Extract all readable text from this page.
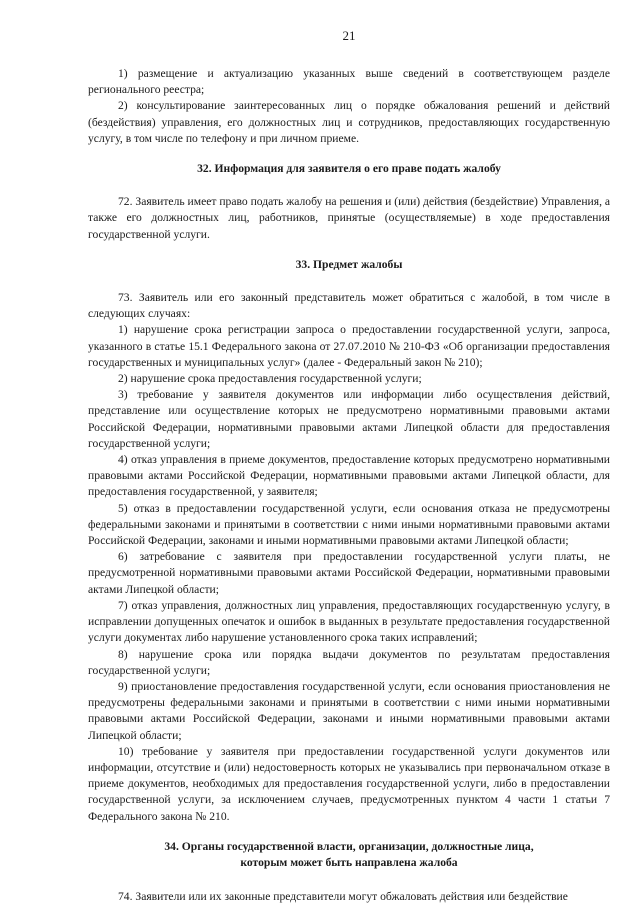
21

1) размещение и актуализацию указанных выше сведений в соответствующем разделе регионального реестра;

2) консультирование заинтересованных лиц о порядке обжалования решений и действий (бездействия) управления, его должностных лиц и сотрудников, предоставляющих государственную услугу, в том числе по телефону и при личном приеме.

32. Информация для заявителя о его праве подать жалобу

72. Заявитель имеет право подать жалобу на решения и (или) действия (бездействие) Управления, а также его должностных лиц, работников, принятые (осуществляемые) в ходе предоставления государственной услуги.

33. Предмет жалобы

73. Заявитель или его законный представитель может обратиться с жалобой, в том числе в следующих случаях:

1) нарушение срока регистрации запроса о предоставлении государственной услуги, запроса, указанного в статье 15.1 Федерального закона от 27.07.2010 № 210-ФЗ «Об организации предоставления государственных и муниципальных услуг» (далее - Федеральный закон № 210);

2) нарушение срока предоставления государственной услуги;

3) требование у заявителя документов или информации либо осуществления действий, представление или осуществление которых не предусмотрено нормативными правовыми актами Российской Федерации, нормативными правовыми актами Липецкой области для предоставления государственной услуги;

4) отказ управления в приеме документов, предоставление которых предусмотрено нормативными правовыми актами Российской Федерации, нормативными правовыми актами Липецкой области, для предоставления государственной, у заявителя;

5) отказ в предоставлении государственной услуги, если основания отказа не предусмотрены федеральными законами и принятыми в соответствии с ними иными нормативными правовыми актами Российской Федерации, законами и иными нормативными правовыми актами Липецкой области;

6) затребование с заявителя при предоставлении государственной услуги платы, не предусмотренной нормативными правовыми актами Российской Федерации, нормативными правовыми актами Липецкой области;

7) отказ управления, должностных лиц управления, предоставляющих государственную услугу, в исправлении допущенных опечаток и ошибок в выданных в результате предоставления государственной услуги документах либо нарушение установленного срока таких исправлений;

8) нарушение срока или порядка выдачи документов по результатам предоставления государственной услуги;

9) приостановление предоставления государственной услуги, если основания приостановления не предусмотрены федеральными законами и принятыми в соответствии с ними иными нормативными правовыми актами Российской Федерации, законами и иными нормативными правовыми актами Липецкой области;

10) требование у заявителя при предоставлении государственной услуги документов или информации, отсутствие и (или) недостоверность которых не указывались при первоначальном отказе в приеме документов, необходимых для предоставления государственной услуги, либо в предоставлении государственной услуги, за исключением случаев, предусмотренных пунктом 4 части 1 статьи 7 Федерального закона № 210.

34. Органы государственной власти, организации, должностные лица,
которым может быть направлена жалоба

74. Заявители или их законные представители могут обжаловать действия или бездействие
